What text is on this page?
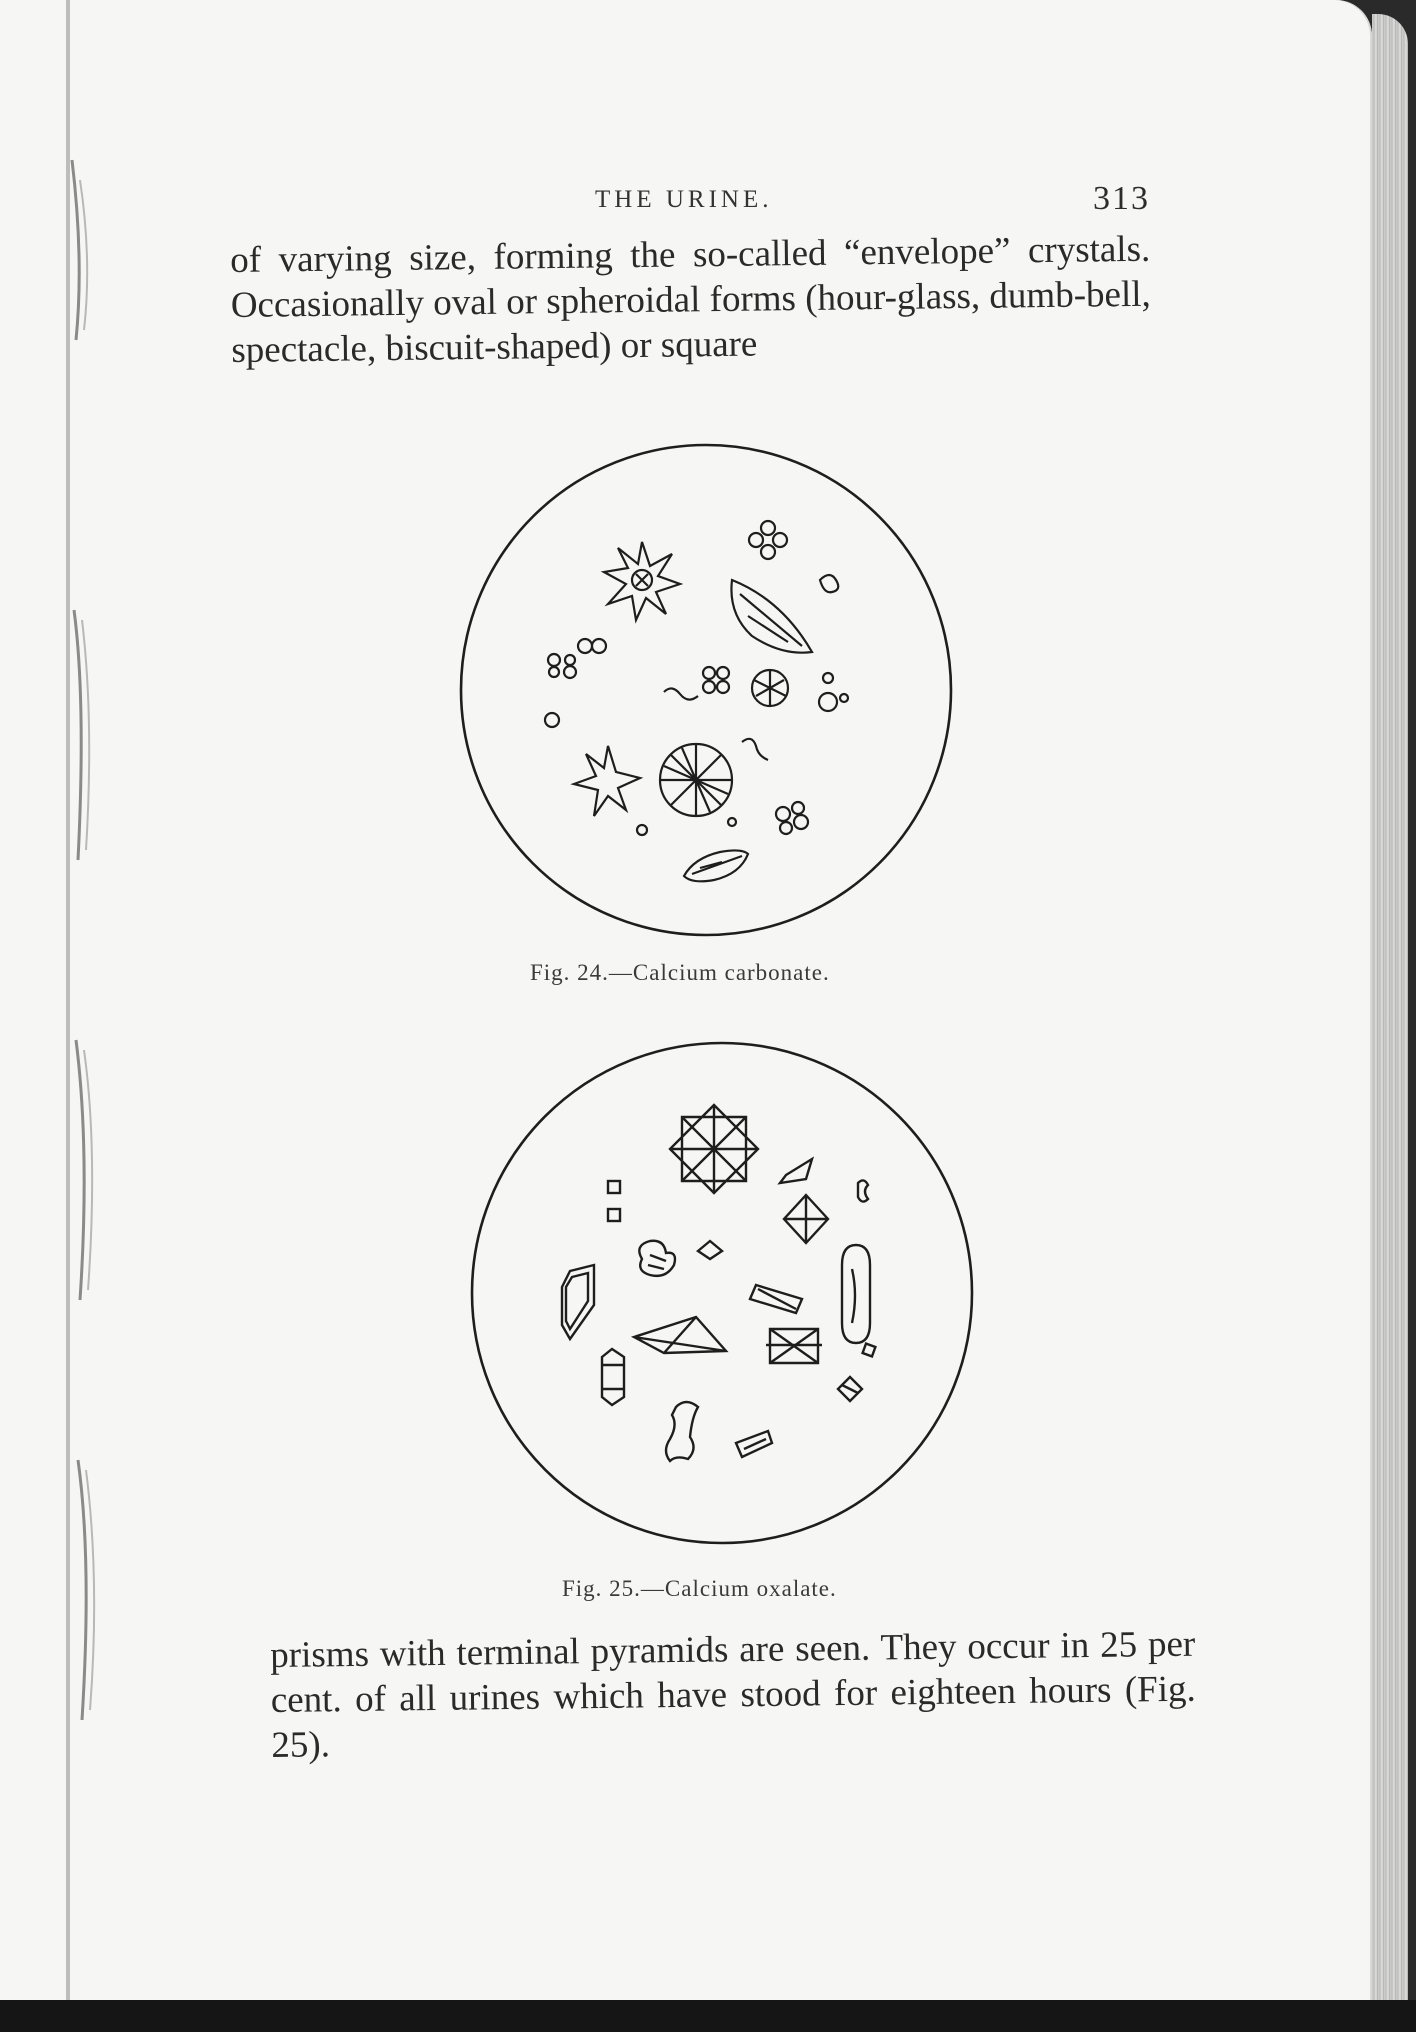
THE URINE.	313

of varying size, forming the so-called “envelope” crystals. Occasionally oval or spheroidal forms (hour-glass, dumb-bell, spectacle, biscuit-shaped) or square

Fig. 24.—Calcium carbonate.
Fig. 25.—Calcium oxalate.

prisms with terminal pyramids are seen. They occur in 25 per cent. of all urines which have stood for eighteen hours (Fig. 25).
